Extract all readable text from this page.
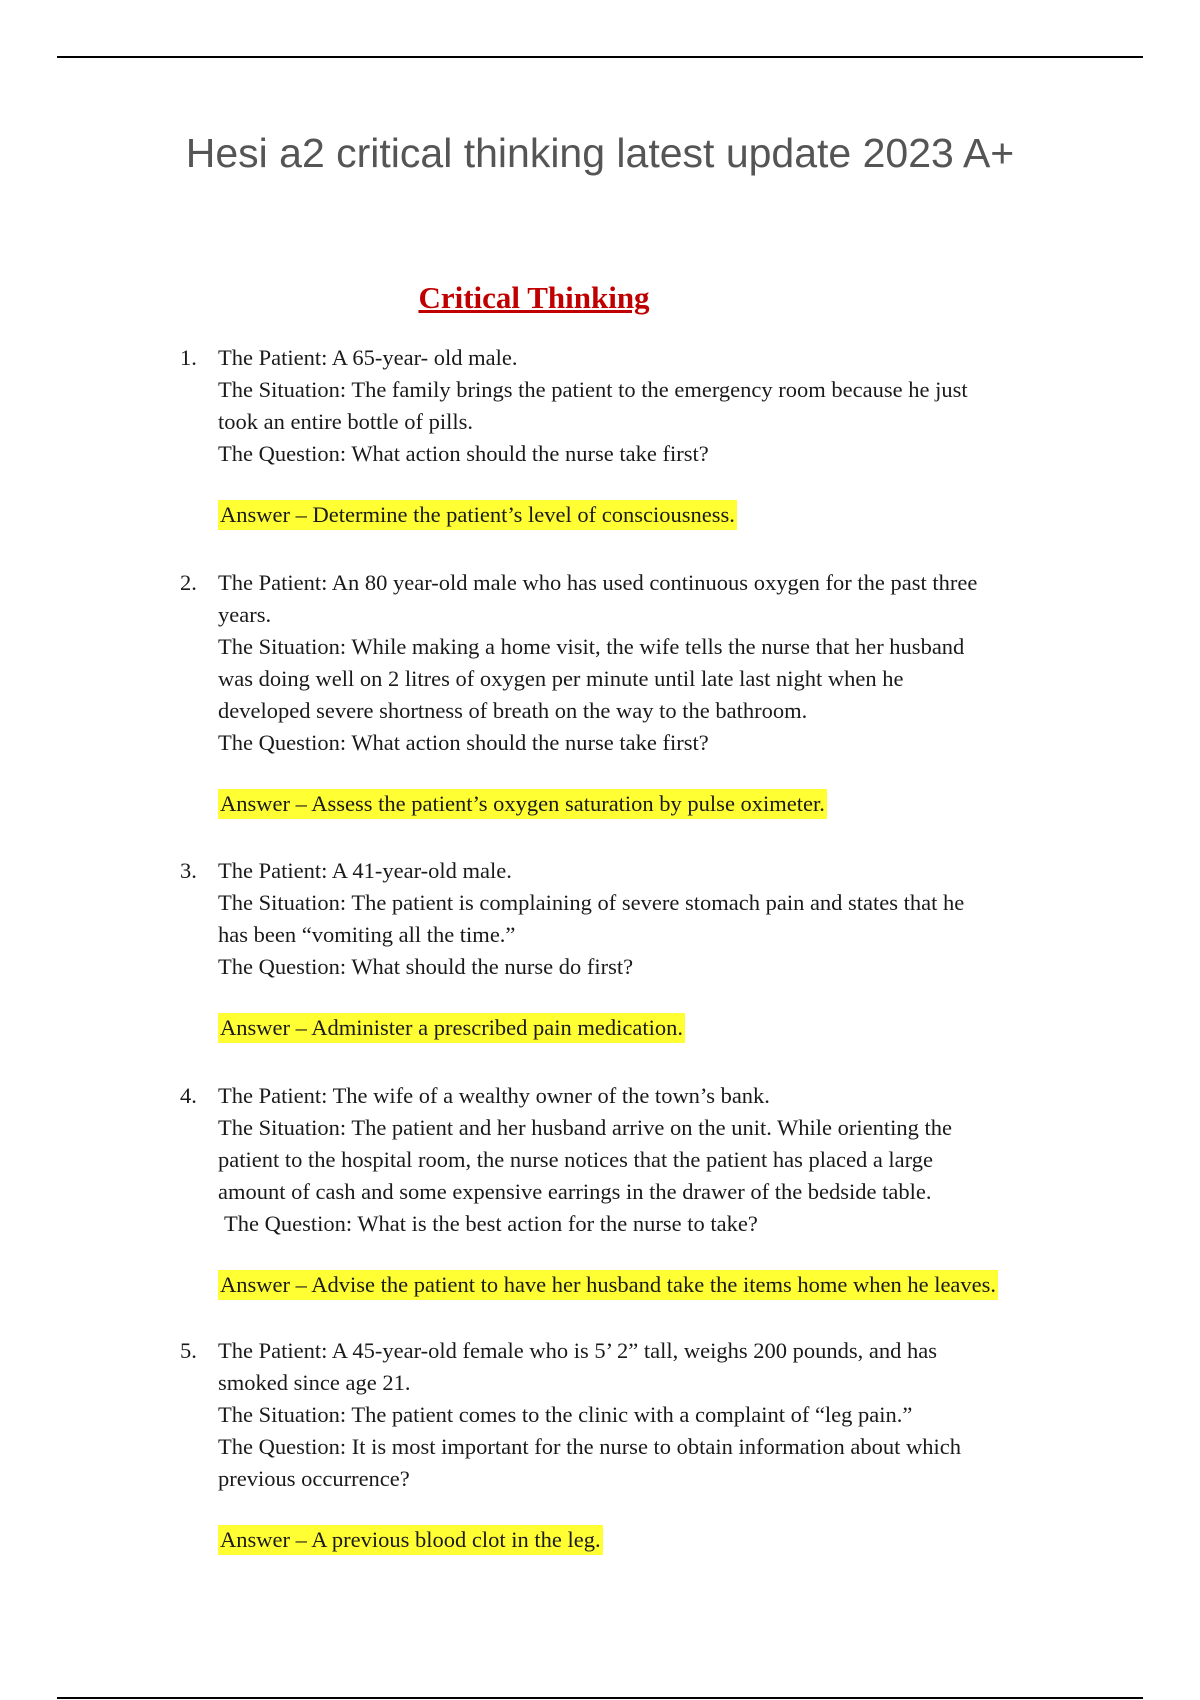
Hesi a2 critical thinking latest update 2023 A+
Critical Thinking
1. The Patient: A 65-year- old male.
The Situation: The family brings the patient to the emergency room because he just
took an entire bottle of pills.
The Question: What action should the nurse take first?
Answer – Determine the patient’s level of consciousness.
2. The Patient: An 80 year-old male who has used continuous oxygen for the past three
years.
The Situation: While making a home visit, the wife tells the nurse that her husband
was doing well on 2 litres of oxygen per minute until late last night when he
developed severe shortness of breath on the way to the bathroom.
The Question: What action should the nurse take first?
Answer – Assess the patient’s oxygen saturation by pulse oximeter.
3. The Patient: A 41-year-old male.
The Situation: The patient is complaining of severe stomach pain and states that he
has been “vomiting all the time.”
The Question: What should the nurse do first?
Answer – Administer a prescribed pain medication.
4. The Patient: The wife of a wealthy owner of the town’s bank.
The Situation: The patient and her husband arrive on the unit. While orienting the
patient to the hospital room, the nurse notices that the patient has placed a large
amount of cash and some expensive earrings in the drawer of the bedside table.
The Question: What is the best action for the nurse to take?
Answer – Advise the patient to have her husband take the items home when he leaves.
5. The Patient: A 45-year-old female who is 5’ 2” tall, weighs 200 pounds, and has
smoked since age 21.
The Situation: The patient comes to the clinic with a complaint of “leg pain.”
The Question: It is most important for the nurse to obtain information about which
previous occurrence?
Answer – A previous blood clot in the leg.
